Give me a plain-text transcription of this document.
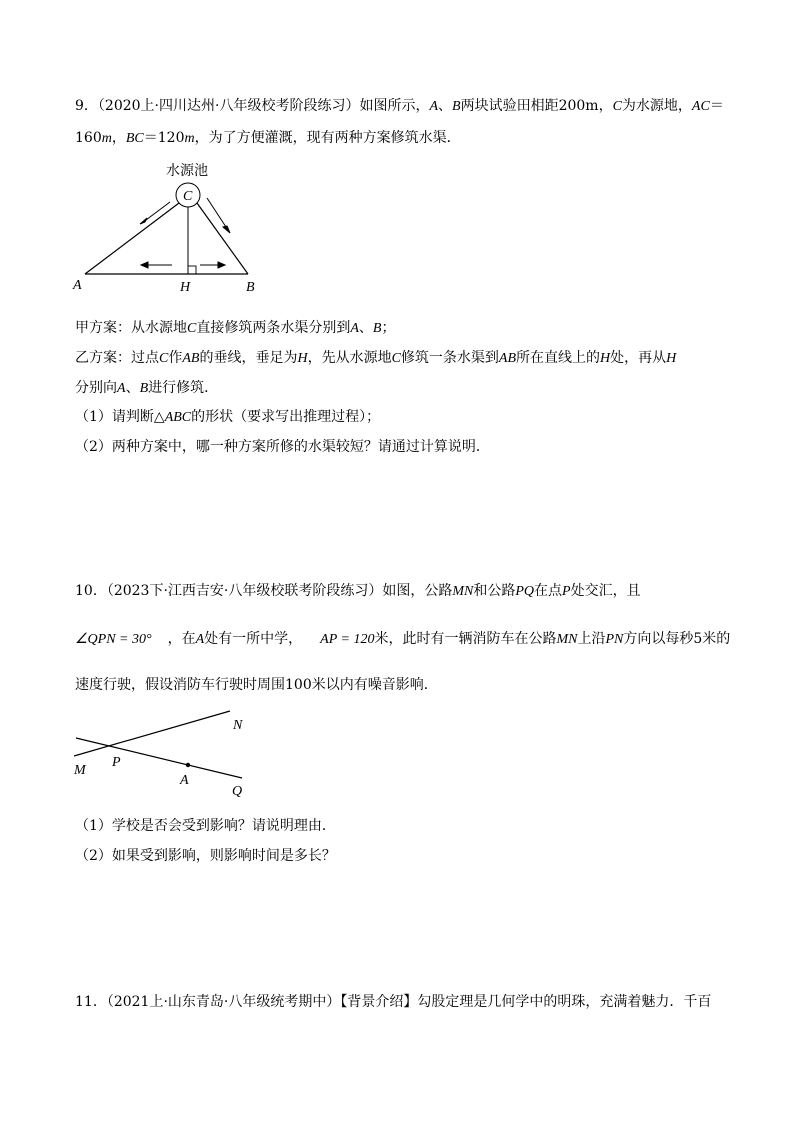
9．（2020上·四川达州·八年级校考阶段练习）如图所示，A、B两块试验田相距200m，C为水源地，AC＝
160m，BC＝120m，为了方便灌溉，现有两种方案修筑水渠．
水源池
C
A	H	B
甲方案：从水源地C直接修筑两条水渠分别到A、B；
乙方案：过点C作AB的垂线，垂足为H，先从水源地C修筑一条水渠到AB所在直线上的H处，再从H
分别向A、B进行修筑．
（1）请判断△ABC的形状（要求写出推理过程）；
（2）两种方案中，哪一种方案所修的水渠较短？请通过计算说明．
10．（2023下·江西吉安·八年级校联考阶段练习）如图，公路MN和公路PQ在点P处交汇，且
∠QPN = 30° ，在A处有一所中学， AP = 120米，此时有一辆消防车在公路MN上沿PN方向以每秒5米的
速度行驶，假设消防车行驶时周围100米以内有噪音影响．
N
M
P
A
Q
（1）学校是否会受到影响？请说明理由．
（2）如果受到影响，则影响时间是多长？
11．（2021上·山东青岛·八年级统考期中）【背景介绍】勾股定理是几何学中的明珠，充满着魅力．千百
